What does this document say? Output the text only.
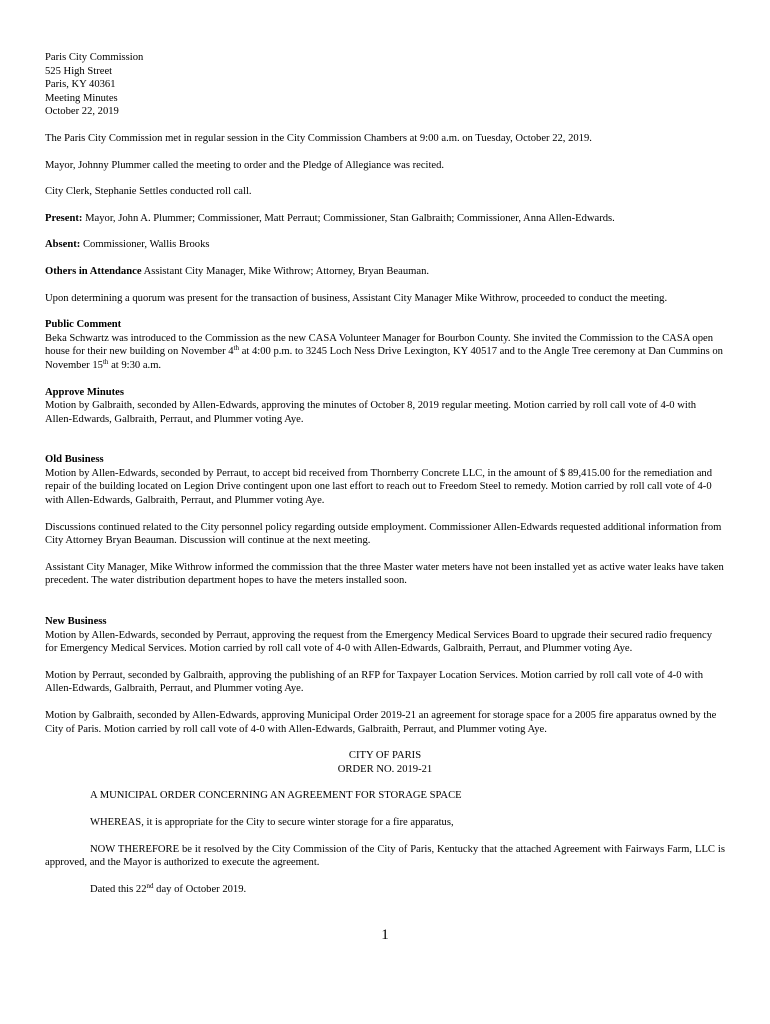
Paris City Commission
525 High Street
Paris, KY 40361
Meeting Minutes
October 22, 2019

The Paris City Commission met in regular session in the City Commission Chambers at 9:00 a.m. on Tuesday, October 22, 2019.

Mayor, Johnny Plummer called the meeting to order and the Pledge of Allegiance was recited.

City Clerk, Stephanie Settles conducted roll call.

Present: Mayor, John A. Plummer; Commissioner, Matt Perraut; Commissioner, Stan Galbraith; Commissioner, Anna Allen-Edwards.

Absent: Commissioner, Wallis Brooks

Others in Attendance Assistant City Manager, Mike Withrow; Attorney, Bryan Beauman.

Upon determining a quorum was present for the transaction of business, Assistant City Manager Mike Withrow, proceeded to conduct the meeting.

Public Comment

Beka Schwartz was introduced to the Commission as the new CASA Volunteer Manager for Bourbon County. She invited the Commission to the CASA open house for their new building on November 4th at 4:00 p.m. to 3245 Loch Ness Drive Lexington, KY 40517 and to the Angle Tree ceremony at Dan Cummins on November 15th at 9:30 a.m.

Approve Minutes

Motion by Galbraith, seconded by Allen-Edwards, approving the minutes of October 8, 2019 regular meeting. Motion carried by roll call vote of 4-0 with Allen-Edwards, Galbraith, Perraut, and Plummer voting Aye.

Old Business

Motion by Allen-Edwards, seconded by Perraut, to accept bid received from Thornberry Concrete LLC, in the amount of $ 89,415.00 for the remediation and repair of the building located on Legion Drive contingent upon one last effort to reach out to Freedom Steel to remedy. Motion carried by roll call vote of 4-0 with Allen-Edwards, Galbraith, Perraut, and Plummer voting Aye.

Discussions continued related to the City personnel policy regarding outside employment. Commissioner Allen-Edwards requested additional information from City Attorney Bryan Beauman. Discussion will continue at the next meeting.

Assistant City Manager, Mike Withrow informed the commission that the three Master water meters have not been installed yet as active water leaks have taken precedent. The water distribution department hopes to have the meters installed soon.

New Business

Motion by Allen-Edwards, seconded by Perraut, approving the request from the Emergency Medical Services Board to upgrade their secured radio frequency for Emergency Medical Services. Motion carried by roll call vote of 4-0 with Allen-Edwards, Galbraith, Perraut, and Plummer voting Aye.

Motion by Perraut, seconded by Galbraith, approving the publishing of an RFP for Taxpayer Location Services. Motion carried by roll call vote of 4-0 with Allen-Edwards, Galbraith, Perraut, and Plummer voting Aye.

Motion by Galbraith, seconded by Allen-Edwards, approving Municipal Order 2019-21 an agreement for storage space for a 2005 fire apparatus owned by the City of Paris. Motion carried by roll call vote of 4-0 with Allen-Edwards, Galbraith, Perraut, and Plummer voting Aye.

CITY OF PARIS
ORDER NO. 2019-21

A MUNICIPAL ORDER CONCERNING AN AGREEMENT FOR STORAGE SPACE

WHEREAS, it is appropriate for the City to secure winter storage for a fire apparatus,

NOW THEREFORE be it resolved by the City Commission of the City of Paris, Kentucky that the attached Agreement with Fairways Farm, LLC is approved, and the Mayor is authorized to execute the agreement.

Dated this 22nd day of October 2019.

1
